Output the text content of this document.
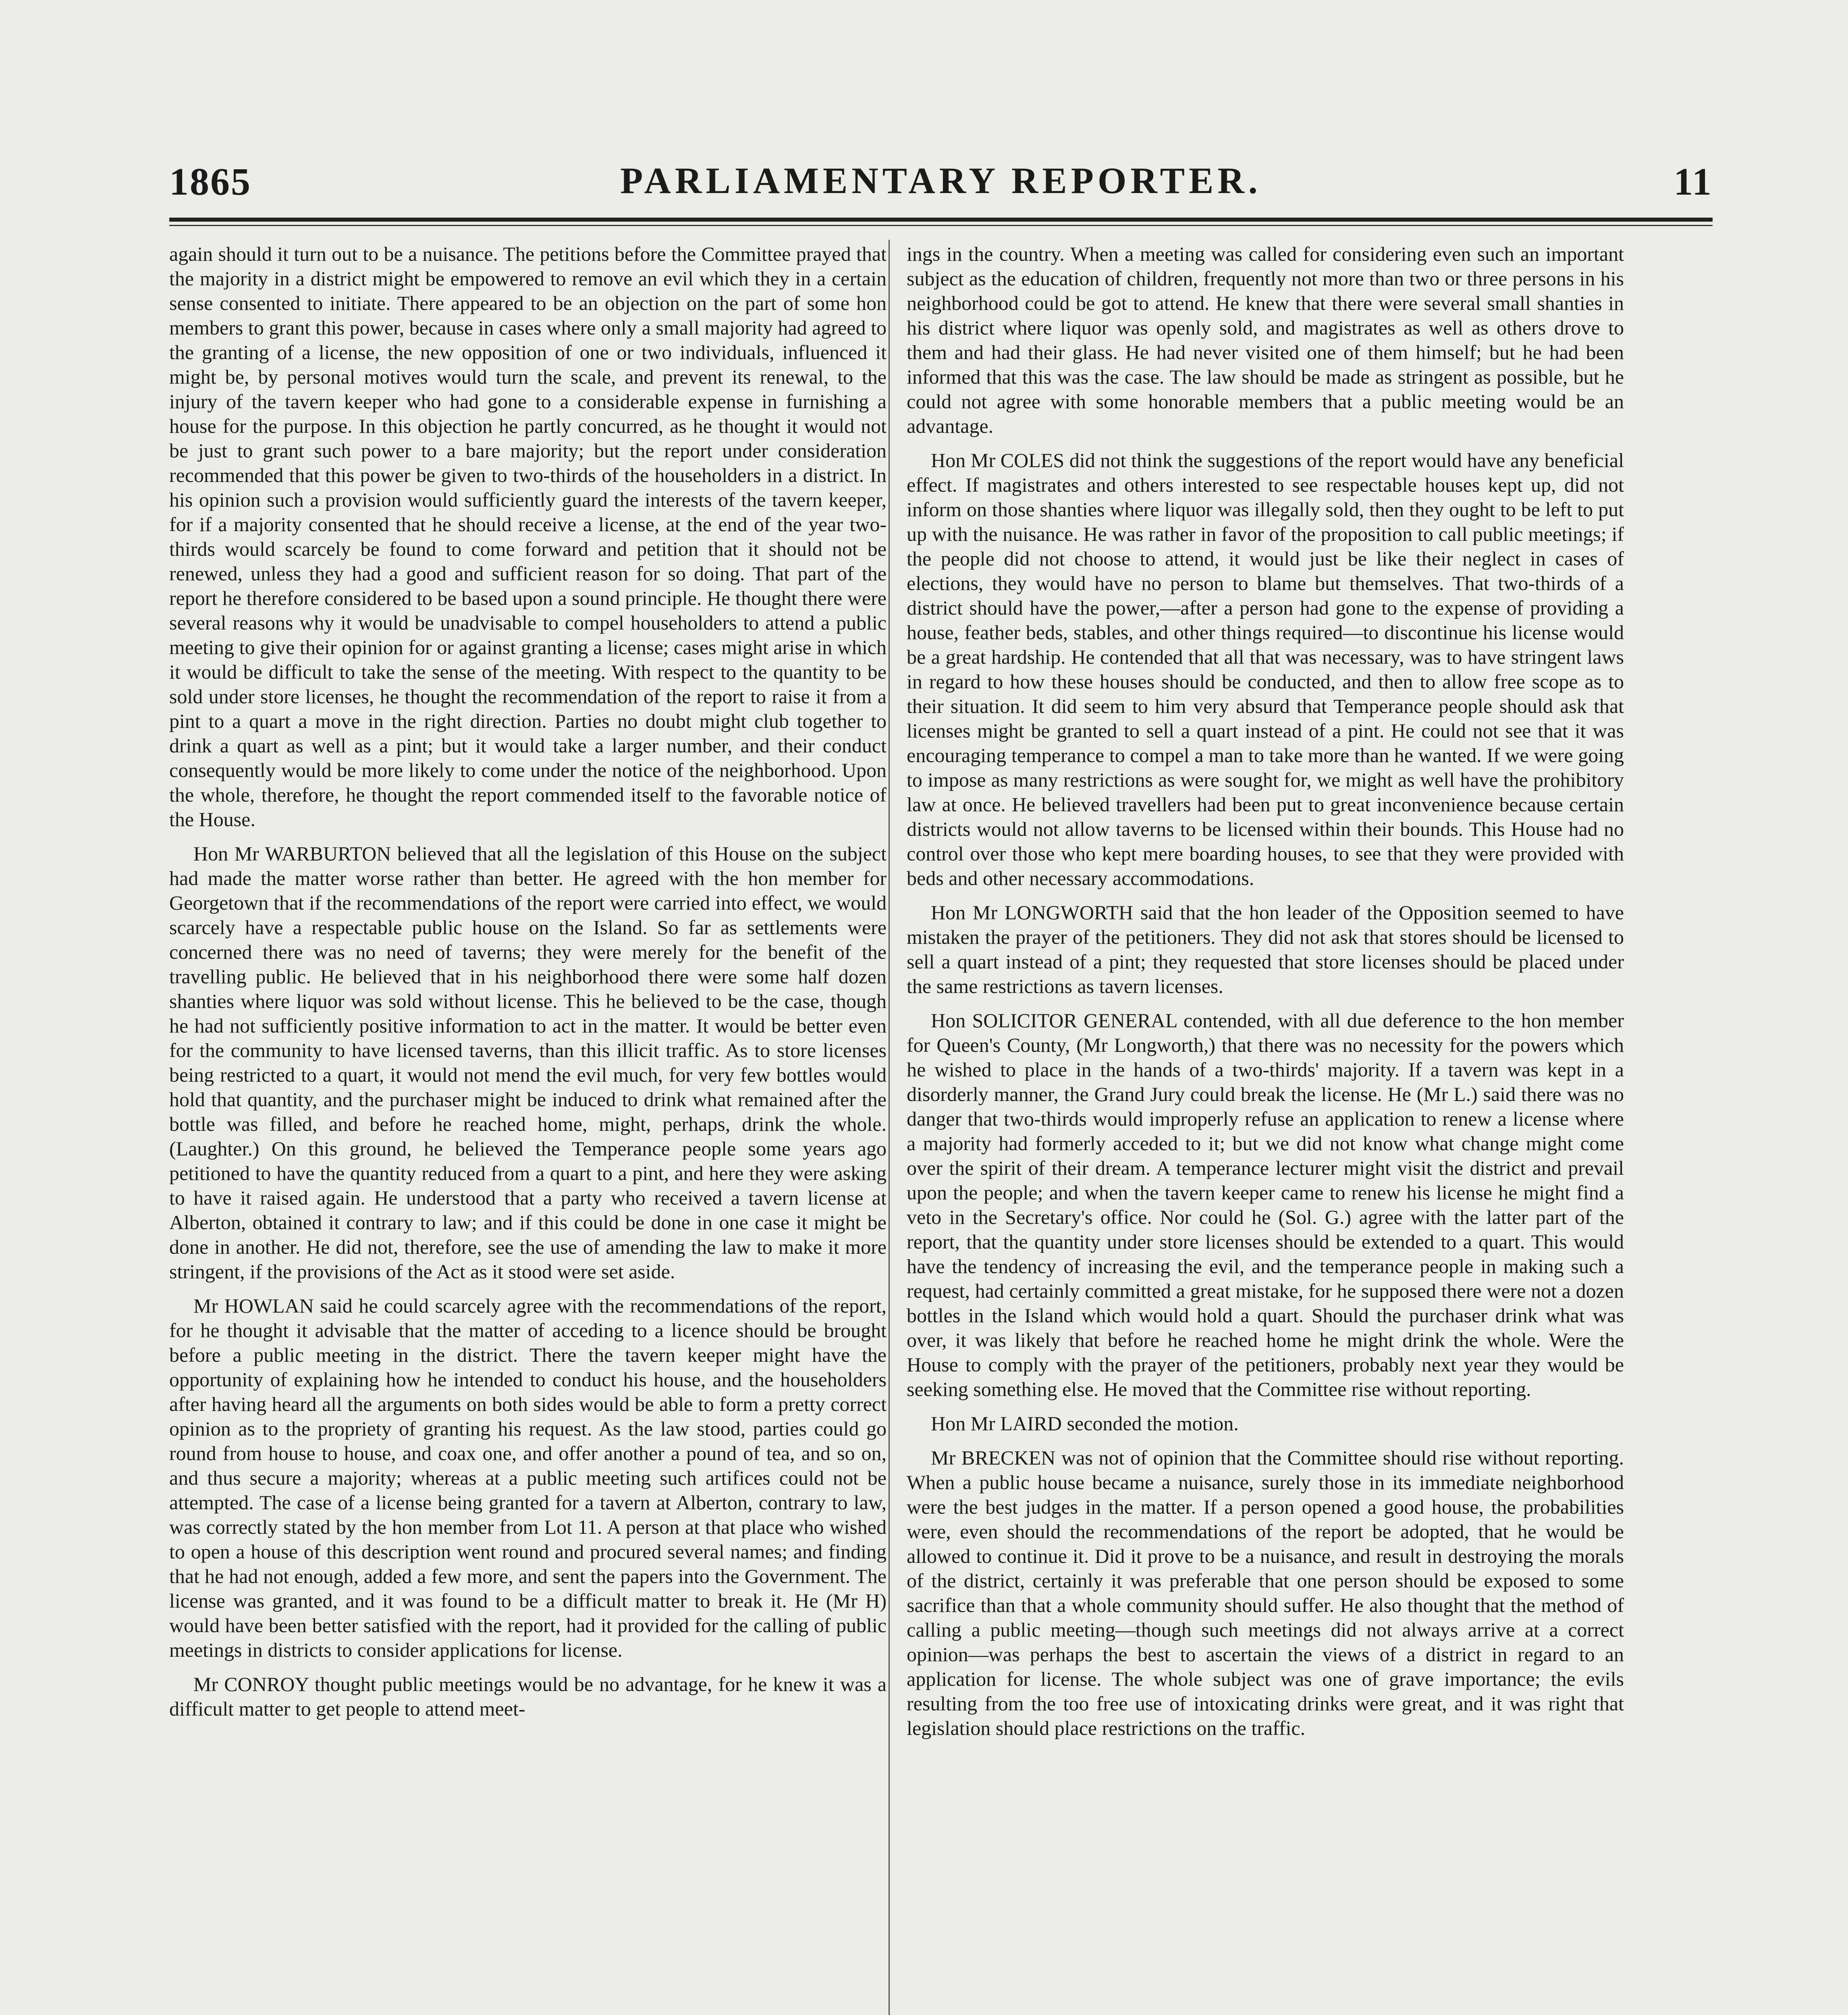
1865	PARLIAMENTARY REPORTER.	11

again should it turn out to be a nuisance. The petitions before the Committee prayed that the majority in a district might be empowered to remove an evil which they in a certain sense consented to initiate. There appeared to be an objection on the part of some hon members to grant this power, because in cases where only a small majority had agreed to the granting of a license, the new opposition of one or two individuals, influenced it might be, by personal motives would turn the scale, and prevent its renewal, to the injury of the tavern keeper who had gone to a considerable expense in furnishing a house for the purpose. In this objection he partly concurred, as he thought it would not be just to grant such power to a bare majority; but the report under consideration recommended that this power be given to two-thirds of the householders in a district. In his opinion such a provision would sufficiently guard the interests of the tavern keeper, for if a majority consented that he should receive a license, at the end of the year two-thirds would scarcely be found to come forward and petition that it should not be renewed, unless they had a good and sufficient reason for so doing. That part of the report he therefore considered to be based upon a sound principle. He thought there were several reasons why it would be unadvisable to compel householders to attend a public meeting to give their opinion for or against granting a license; cases might arise in which it would be difficult to take the sense of the meeting. With respect to the quantity to be sold under store licenses, he thought the recommendation of the report to raise it from a pint to a quart a move in the right direction. Parties no doubt might club together to drink a quart as well as a pint; but it would take a larger number, and their conduct consequently would be more likely to come under the notice of the neighborhood. Upon the whole, therefore, he thought the report commended itself to the favorable notice of the House.

Hon Mr WARBURTON believed that all the legislation of this House on the subject had made the matter worse rather than better. He agreed with the hon member for Georgetown that if the recommendations of the report were carried into effect, we would scarcely have a respectable public house on the Island. So far as settlements were concerned there was no need of taverns; they were merely for the benefit of the travelling public. He believed that in his neighborhood there were some half dozen shanties where liquor was sold without license. This he believed to be the case, though he had not sufficiently positive information to act in the matter. It would be better even for the community to have licensed taverns, than this illicit traffic. As to store licenses being restricted to a quart, it would not mend the evil much, for very few bottles would hold that quantity, and the purchaser might be induced to drink what remained after the bottle was filled, and before he reached home, might, perhaps, drink the whole. (Laughter.) On this ground, he believed the Temperance people some years ago petitioned to have the quantity reduced from a quart to a pint, and here they were asking to have it raised again. He understood that a party who received a tavern license at Alberton, obtained it contrary to law; and if this could be done in one case it might be done in another. He did not, therefore, see the use of amending the law to make it more stringent, if the provisions of the Act as it stood were set aside.

Mr HOWLAN said he could scarcely agree with the recommendations of the report, for he thought it advisable that the matter of acceding to a licence should be brought before a public meeting in the district. There the tavern keeper might have the opportunity of explaining how he intended to conduct his house, and the householders after having heard all the arguments on both sides would be able to form a pretty correct opinion as to the propriety of granting his request. As the law stood, parties could go round from house to house, and coax one, and offer another a pound of tea, and so on, and thus secure a majority; whereas at a public meeting such artifices could not be attempted. The case of a license being granted for a tavern at Alberton, contrary to law, was correctly stated by the hon member from Lot 11. A person at that place who wished to open a house of this description went round and procured several names; and finding that he had not enough, added a few more, and sent the papers into the Government. The license was granted, and it was found to be a difficult matter to break it. He (Mr H) would have been better satisfied with the report, had it provided for the calling of public meetings in districts to consider applications for license.

Mr CONROY thought public meetings would be no advantage, for he knew it was a difficult matter to get people to attend meet-

ings in the country. When a meeting was called for considering even such an important subject as the education of children, frequently not more than two or three persons in his neighborhood could be got to attend. He knew that there were several small shanties in his district where liquor was openly sold, and magistrates as well as others drove to them and had their glass. He had never visited one of them himself; but he had been informed that this was the case. The law should be made as stringent as possible, but he could not agree with some honorable members that a public meeting would be an advantage.

Hon Mr COLES did not think the suggestions of the report would have any beneficial effect. If magistrates and others interested to see respectable houses kept up, did not inform on those shanties where liquor was illegally sold, then they ought to be left to put up with the nuisance. He was rather in favor of the proposition to call public meetings; if the people did not choose to attend, it would just be like their neglect in cases of elections, they would have no person to blame but themselves. That two-thirds of a district should have the power,—after a person had gone to the expense of providing a house, feather beds, stables, and other things required—to discontinue his license would be a great hardship. He contended that all that was necessary, was to have stringent laws in regard to how these houses should be conducted, and then to allow free scope as to their situation. It did seem to him very absurd that Temperance people should ask that licenses might be granted to sell a quart instead of a pint. He could not see that it was encouraging temperance to compel a man to take more than he wanted. If we were going to impose as many restrictions as were sought for, we might as well have the prohibitory law at once. He believed travellers had been put to great inconvenience because certain districts would not allow taverns to be licensed within their bounds. This House had no control over those who kept mere boarding houses, to see that they were provided with beds and other necessary accommodations.

Hon Mr LONGWORTH said that the hon leader of the Opposition seemed to have mistaken the prayer of the petitioners. They did not ask that stores should be licensed to sell a quart instead of a pint; they requested that store licenses should be placed under the same restrictions as tavern licenses.

Hon SOLICITOR GENERAL contended, with all due deference to the hon member for Queen's County, (Mr Longworth,) that there was no necessity for the powers which he wished to place in the hands of a two-thirds' majority. If a tavern was kept in a disorderly manner, the Grand Jury could break the license. He (Mr L.) said there was no danger that two-thirds would improperly refuse an application to renew a license where a majority had formerly acceded to it; but we did not know what change might come over the spirit of their dream. A temperance lecturer might visit the district and prevail upon the people; and when the tavern keeper came to renew his license he might find a veto in the Secretary's office. Nor could he (Sol. G.) agree with the latter part of the report, that the quantity under store licenses should be extended to a quart. This would have the tendency of increasing the evil, and the temperance people in making such a request, had certainly committed a great mistake, for he supposed there were not a dozen bottles in the Island which would hold a quart. Should the purchaser drink what was over, it was likely that before he reached home he might drink the whole. Were the House to comply with the prayer of the petitioners, probably next year they would be seeking something else. He moved that the Committee rise without reporting.

Hon Mr LAIRD seconded the motion.

Mr BRECKEN was not of opinion that the Committee should rise without reporting. When a public house became a nuisance, surely those in its immediate neighborhood were the best judges in the matter. If a person opened a good house, the probabilities were, even should the recommendations of the report be adopted, that he would be allowed to continue it. Did it prove to be a nuisance, and result in destroying the morals of the district, certainly it was preferable that one person should be exposed to some sacrifice than that a whole community should suffer. He also thought that the method of calling a public meeting—though such meetings did not always arrive at a correct opinion—was perhaps the best to ascertain the views of a district in regard to an application for license. The whole subject was one of grave importance; the evils resulting from the too free use of intoxicating drinks were great, and it was right that legislation should place restrictions on the traffic.
